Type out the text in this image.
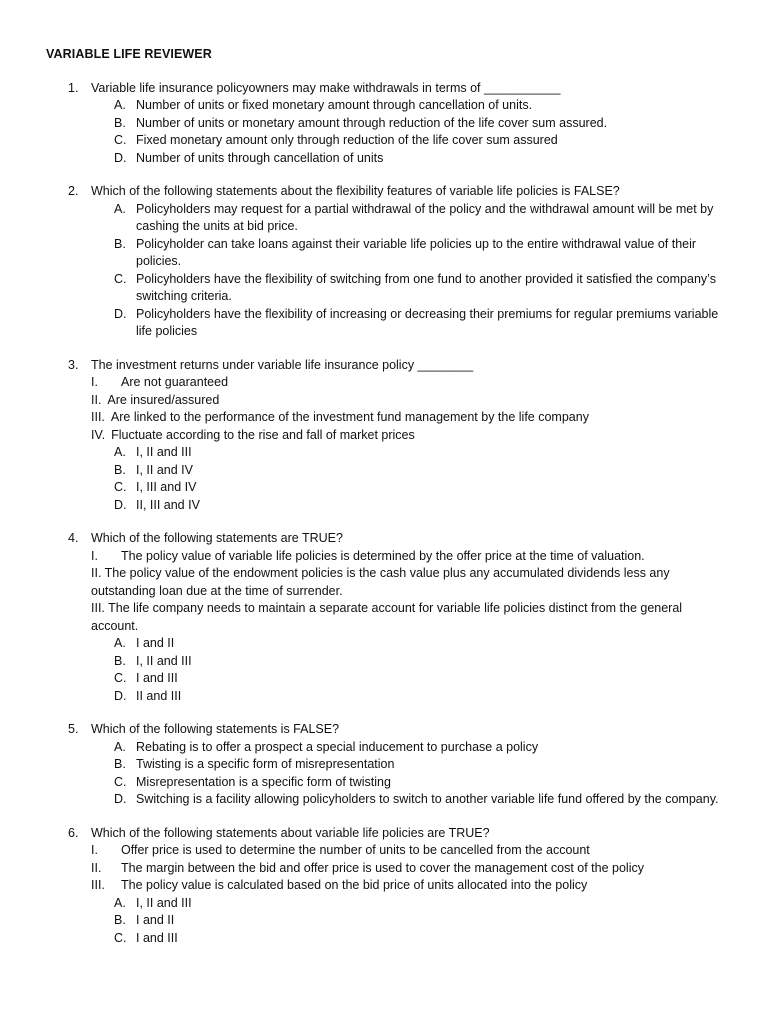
VARIABLE LIFE REVIEWER
1.	Variable life insurance policyowners may make withdrawals in terms of ___________
A. Number of units or fixed monetary amount through cancellation of units.
B. Number of units or monetary amount through reduction of the life cover sum assured.
C. Fixed monetary amount only through reduction of the life cover sum assured
D. Number of units through cancellation of units
2.	Which of the following statements about the flexibility features of variable life policies is FALSE?
A. Policyholders may request for a partial withdrawal of the policy and the withdrawal amount will be met by cashing the units at bid price.
B. Policyholder can take loans against their variable life policies up to the entire withdrawal value of their policies.
C. Policyholders have the flexibility of switching from one fund to another provided it satisfied the company’s switching criteria.
D. Policyholders have the flexibility of increasing or decreasing their premiums for regular premiums variable life policies
3.	The investment returns under variable life insurance policy ________
I.	Are not guaranteed
II. Are insured/assured
III. Are linked to the performance of the investment fund management by the life company
IV. Fluctuate according to the rise and fall of market prices
A. I, II and III
B. I, II and IV
C. I, III and IV
D. II, III and IV
4.	Which of the following statements are TRUE?
I.	The policy value of variable life policies is determined by the offer price at the time of valuation.
II. The policy value of the endowment policies is the cash value plus any accumulated dividends less any outstanding loan due at the time of surrender.
III. The life company needs to maintain a separate account for variable life policies distinct from the general account.
A. I and II
B. I, II and III
C. I and III
D. II and III
5.	Which of the following statements is FALSE?
A. Rebating is to offer a prospect a special inducement to purchase a policy
B. Twisting is a specific form of misrepresentation
C. Misrepresentation is a specific form of twisting
D. Switching is a facility allowing policyholders to switch to another variable life fund offered by the company.
6.	Which of the following statements about variable life policies are TRUE?
I.	Offer price is used to determine the number of units to be cancelled from the account
II.	The margin between the bid and offer price is used to cover the management cost of the policy
III.	The policy value is calculated based on the bid price of units allocated into the policy
A. I, II and III
B. I and II
C. I and III
